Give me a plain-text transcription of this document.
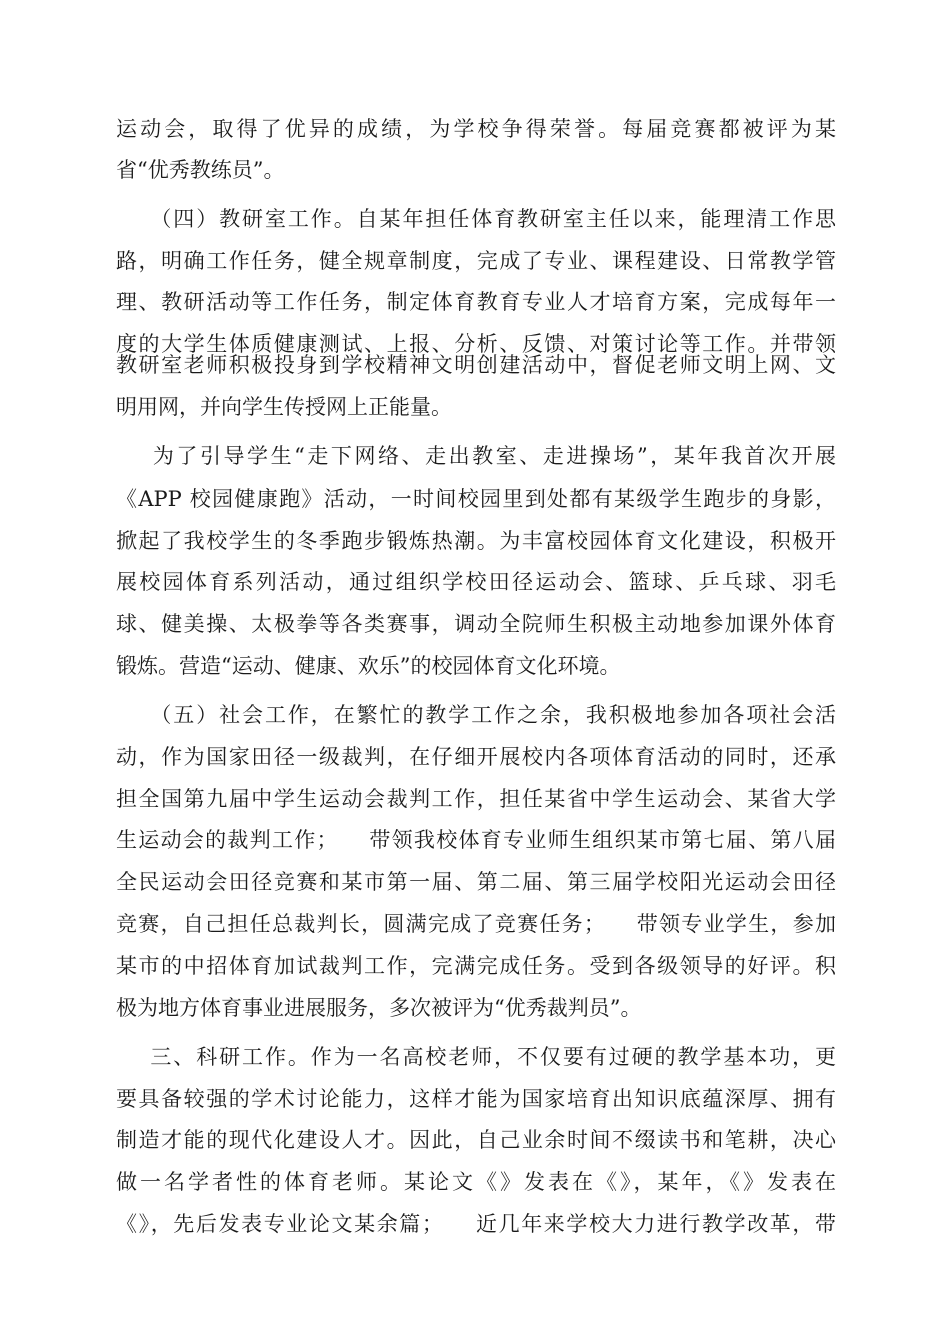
运动会，取得了优异的成绩，为学校争得荣誉。每届竞赛都被评为某
省“优秀教练员”。
（四）教研室工作。自某年担任体育教研室主任以来，能理清工作思
路，明确工作任务，健全规章制度，完成了专业、课程建设、日常教学管
理、教研活动等工作任务，制定体育教育专业人才培育方案，完成每年一
度的大学生体质健康测试、上报、分析、反馈、对策讨论等工作。并带领
教研室老师积极投身到学校精神文明创建活动中，督促老师文明上网、文
明用网，并向学生传授网上正能量。
为了引导学生“走下网络、走出教室、走进操场”，某年我首次开展
《APP 校园健康跑》活动，一时间校园里到处都有某级学生跑步的身影，
掀起了我校学生的冬季跑步锻炼热潮。为丰富校园体育文化建设，积极开
展校园体育系列活动，通过组织学校田径运动会、篮球、乒乓球、羽毛
球、健美操、太极拳等各类赛事，调动全院师生积极主动地参加课外体育
锻炼。营造“运动、健康、欢乐”的校园体育文化环境。
（五）社会工作，在繁忙的教学工作之余，我积极地参加各项社会活
动，作为国家田径一级裁判，在仔细开展校内各项体育活动的同时，还承
担全国第九届中学生运动会裁判工作，担任某省中学生运动会、某省大学
生运动会的裁判工作；    带领我校体育专业师生组织某市第七届、第八届
全民运动会田径竞赛和某市第一届、第二届、第三届学校阳光运动会田径
竞赛，自己担任总裁判长，圆满完成了竞赛任务；    带领专业学生，参加
某市的中招体育加试裁判工作，完满完成任务。受到各级领导的好评。积
极为地方体育事业进展服务，多次被评为“优秀裁判员”。
三、科研工作。作为一名高校老师，不仅要有过硬的教学基本功，更
要具备较强的学术讨论能力，这样才能为国家培育出知识底蕴深厚、拥有
制造才能的现代化建设人才。因此，自己业余时间不缀读书和笔耕，决心
做一名学者性的体育老师。某论文《》发表在《》，某年，《》发表在
《》，先后发表专业论文某余篇；    近几年来学校大力进行教学改革，带
